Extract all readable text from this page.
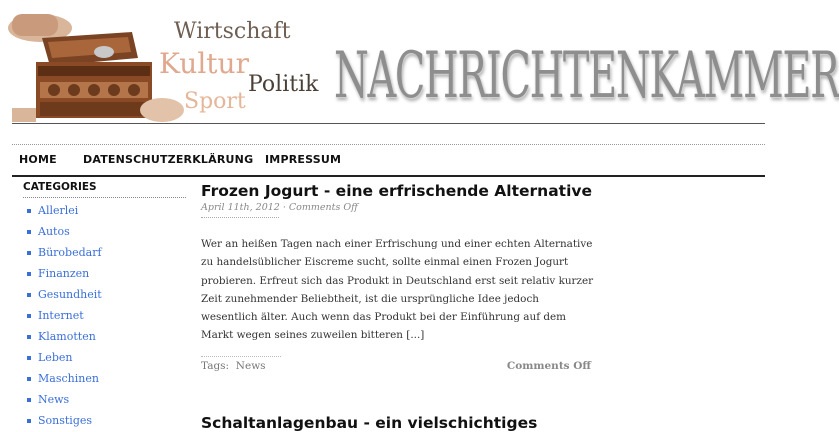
Wirtschaft
Kultur
Politik
Sport NACHRICHTENKAMMER
HOME DATENSCHUTZERKLÄRUNG IMPRESSUM
CATEGORIES
Allerlei
Autos
Bürobedarf
Finanzen
Gesundheit
Internet
Klamotten
Leben
Maschinen
News
Sonstiges
Frozen Jogurt - eine erfrischende Alternative
April 11th, 2012 · Comments Off

Wer an heißen Tagen nach einer Erfrischung und einer echten Alternative zu handelsüblicher Eiscreme sucht, sollte einmal einen Frozen Jogurt probieren. Erfreut sich das Produkt in Deutschland erst seit relativ kurzer Zeit zunehmender Beliebtheit, ist die ursprüngliche Idee jedoch wesentlich älter. Auch wenn das Produkt bei der Einführung auf dem Markt wegen seines zuweilen bitteren [...]

Tags: News	Comments Off
Schaltanlagenbau - ein vielschichtiges
